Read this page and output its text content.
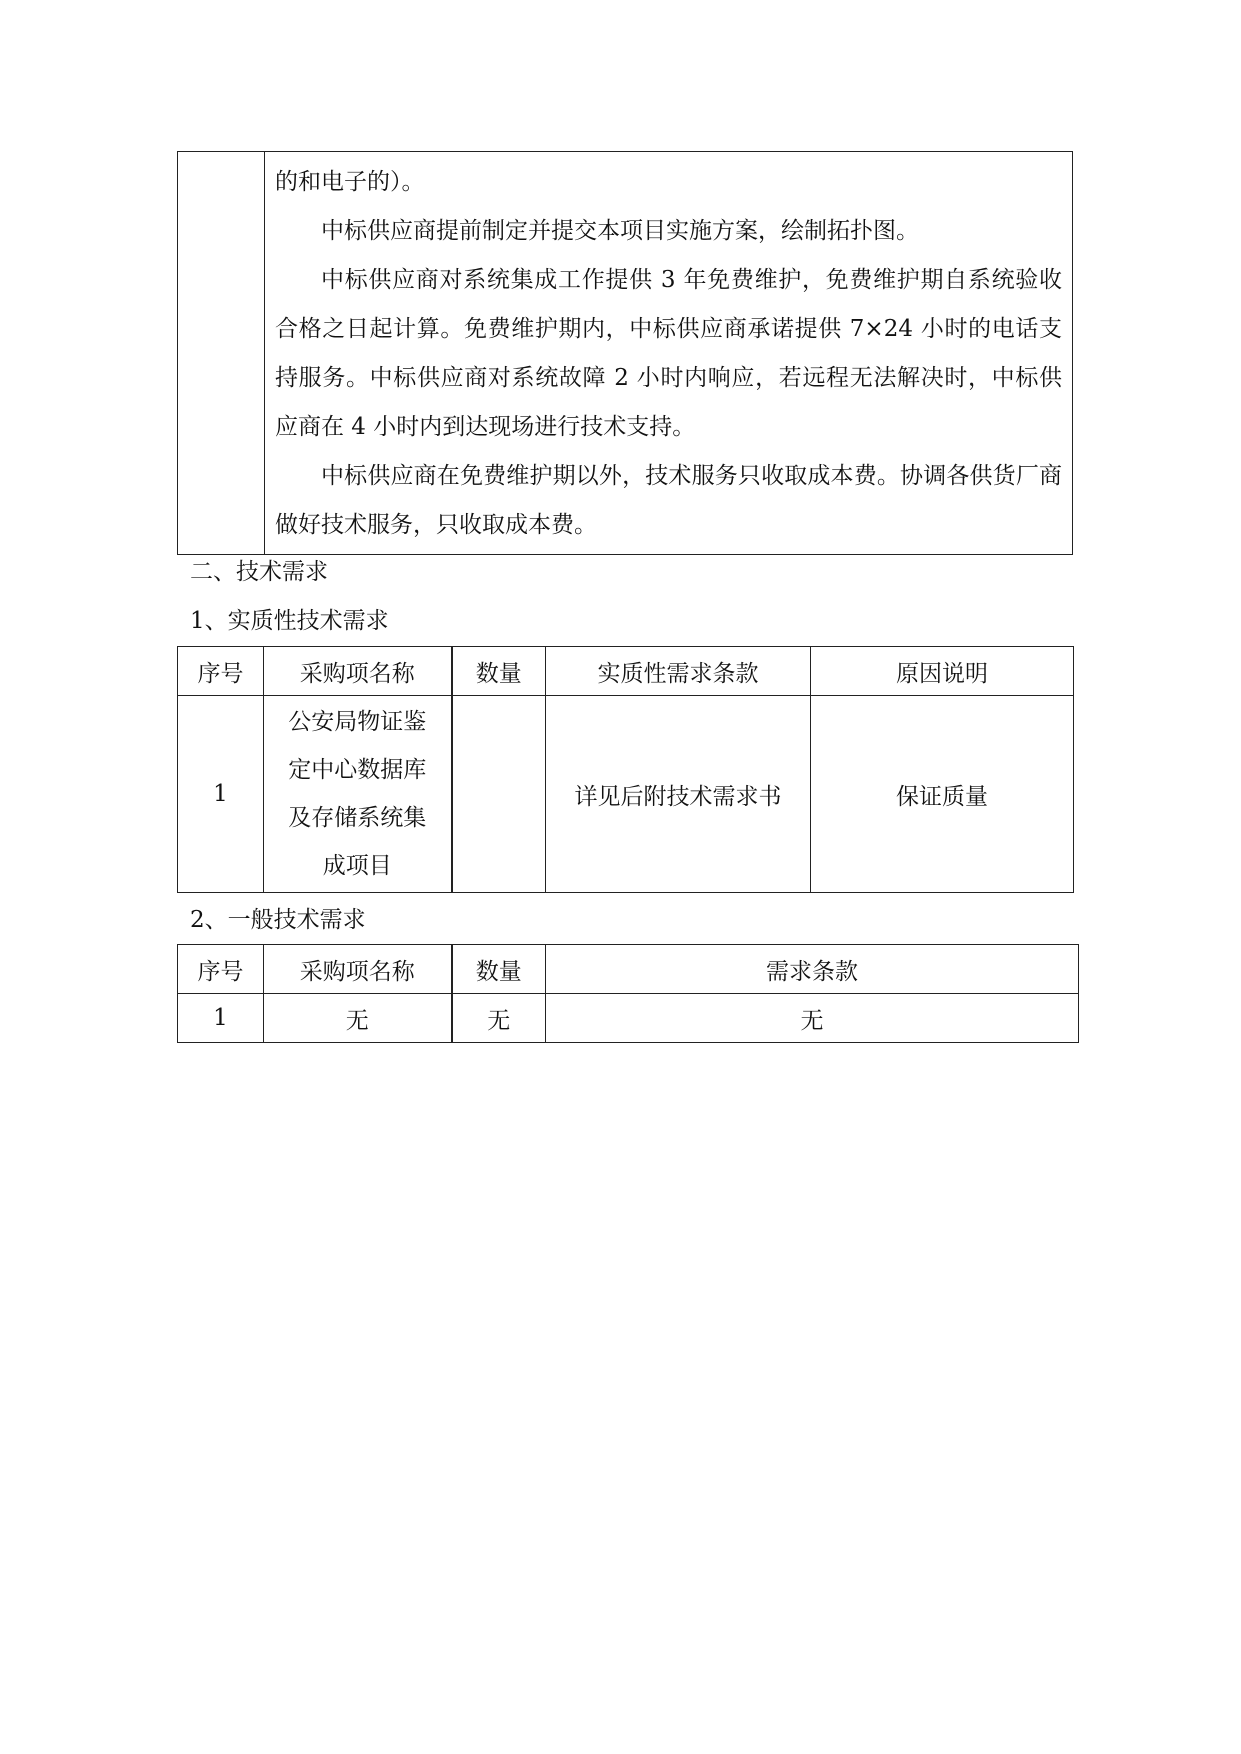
的和电子的）。

中标供应商提前制定并提交本项目实施方案，绘制拓扑图。

中标供应商对系统集成工作提供 3 年免费维护，免费维护期自系统验收合格之日起计算。免费维护期内，中标供应商承诺提供 7×24 小时的电话支持服务。中标供应商对系统故障 2 小时内响应，若远程无法解决时，中标供应商在 4 小时内到达现场进行技术支持。

中标供应商在免费维护期以外，技术服务只收取成本费。协调各供货厂商做好技术服务，只收取成本费。

二、技术需求

1、实质性技术需求

序号	采购项名称	数量	实质性需求条款	原因说明
1	公安局物证鉴
定中心数据库
及存储系统集
成项目		详见后附技术需求书	保证质量

2、一般技术需求

序号	采购项名称	数量	需求条款
1	无	无	无
